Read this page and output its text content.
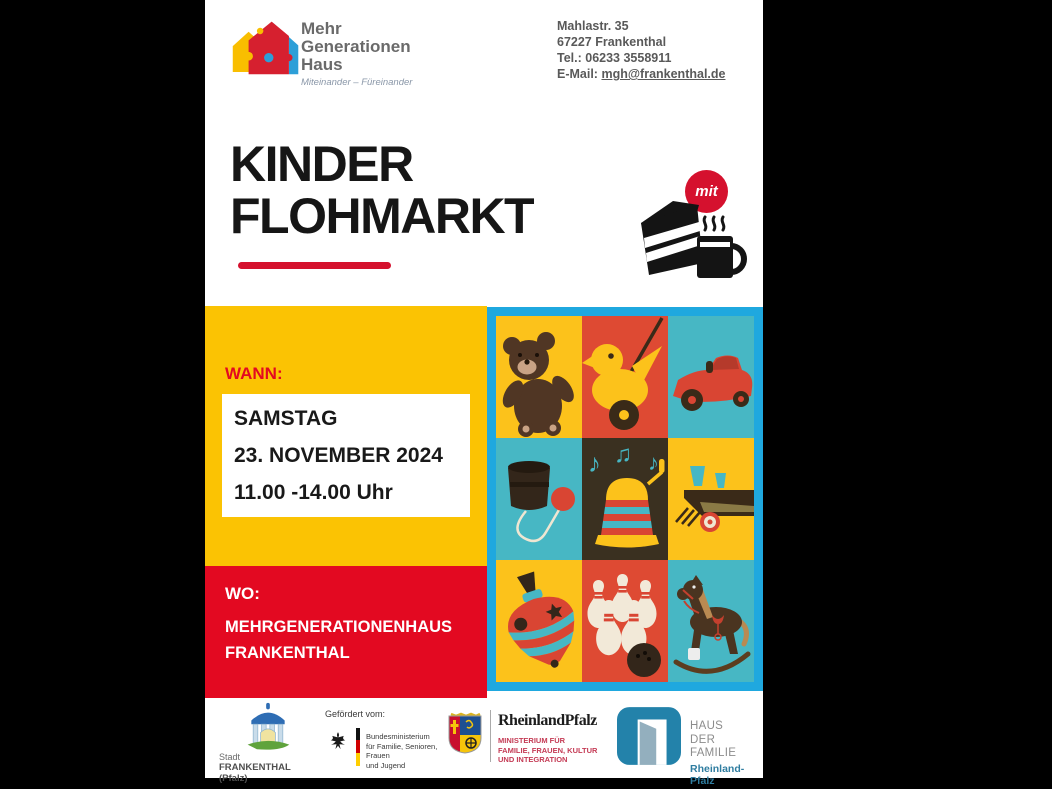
Mehr
Generationen
Haus
Miteinander – Füreinander
Mahlastr. 35
67227 Frankenthal
Tel.: 06233 3558911
E-Mail: mgh@frankenthal.de
KINDER
FLOHMARKT	mit
WANN:
SAMSTAG
23. NOVEMBER 2024
11.00 -14.00 Uhr
WO:
MEHRGENERATIONENHAUS
FRANKENTHAL
♪ ♫ ♪
Stadt
FRANKENTHAL (Pfalz)
Gefördert vom:
Bundesministerium
für Familie, Senioren, Frauen
und Jugend
RheinlandPfalz
MINISTERIUM FÜR
FAMILIE, FRAUEN, KULTUR
UND INTEGRATION
HAUS
DER FAMILIE
Rheinland-Pfalz
